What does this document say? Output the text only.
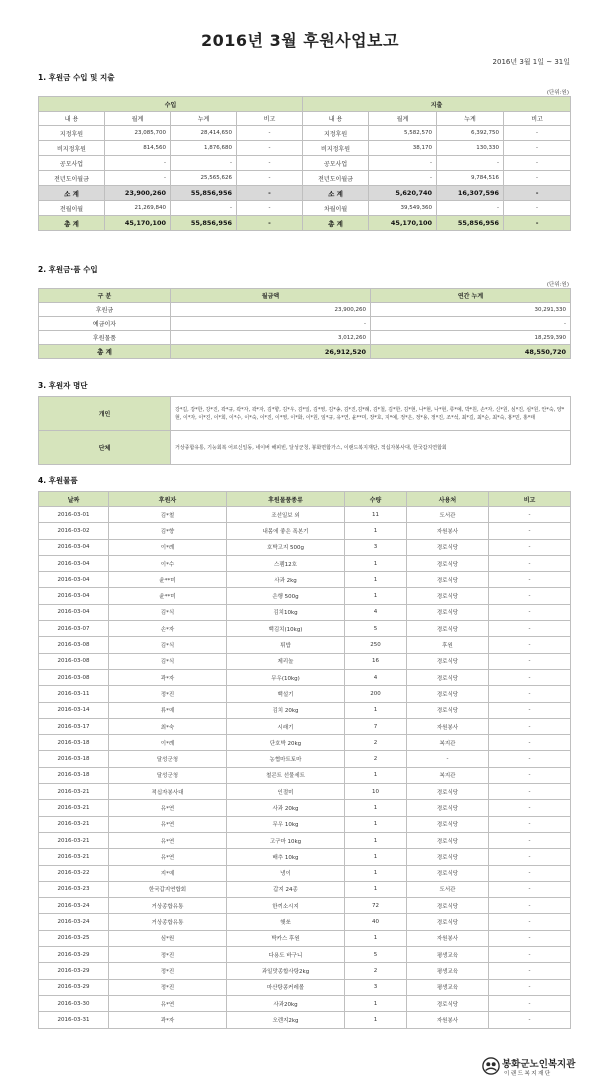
2016년 3월 후원사업보고
2016년 3월 1일 ~ 31일
1. 후원금 수입 및 지출
(단위:원)
수입				지출			
내 용	월계	누계	비고	내 용	월계	누계	비고
지정후원	23,085,700	28,414,650	-	지정후원	5,582,570	6,392,750	-
비지정후원	814,560	1,876,680	-	비지정후원	38,170	130,330	-
공모사업	-	-	-	공모사업	-	-	-
전년도이월금	-	25,565,626	-	전년도이월금	-	9,784,516	-
소 계	23,900,260	55,856,956	-	소 계	5,620,740	16,307,596	-
전월이월	21,269,840	-	-	차월이월	39,549,360	-	-
총 계	45,170,100	55,856,956	-	총 계	45,170,100	55,856,956	-
2. 후원금·품 수입
(단위:원)
구 분	월금액	연간 누계
후원금	23,900,260	30,291,330
예금이자	-	-
후원물품	3,012,260	18,259,390
총 계	26,912,520	48,550,720
3. 후원자 명단
개인	강*길, 강*한, 강*진, 곽*규, 곽*자, 곽*자, 김*향, 김*우, 김*일, 김*영, 김*송, 김*진,김*례, 김*철, 김*한, 김*현, 나*현, 나*현, 류*예, 박*원, 손*자, 신*원, 심*진, 심*원, 안*숙, 양*현, 이*자, 이*진, 이*희, 이*수, 이*숙, 이*진, 이*영, 이*화, 이*원, 임*규, 유*연, 윤**미, 장*호, 지*예, 정*은, 정*용, 정*진, 조*석, 최*길, 최*순, 최*숙, 홍*민, 홍*태
단체	거상종합유통, 기능회복 어르신일동, 네이버 해피빈, 달성군청, 봉화면합가스, 이랜드복지재단, 적십자봉사대, 한국갑지연합회
4. 후원물품
날짜	후원자	후원물품종류	수량	사용처	비고
2016-03-01	김*철	조선일보 외	11	도서관	-
2016-03-02	김*향	내몸에 좋은 폭본기	1	자원봉사	-
2016-03-04	이*례	호박고지 500g	3	경로식당	-
2016-03-04	이*수	스펨12호	1	경로식당	-
2016-03-04	윤**미	사과 2kg	1	경로식당	-
2016-03-04	윤**미	은행 500g	1	경로식당	-
2016-03-04	김*식	김치10kg	4	경로식당	-
2016-03-07	손*자	백김치(10kg)	5	경로식당	-
2016-03-08	김*식	튀밥	250	후원	-
2016-03-08	김*식	제리놀	16	경로식당	-
2016-03-08	곽*자	무우(10kg)	4	경로식당	-
2016-03-11	정*진	백설기	200	경로식당	-
2016-03-14	류*예	김치 20kg	1	경로식당	-
2016-03-17	최*숙	시래기	7	자원봉사	-
2016-03-18	이*례	단호박 20kg	2	복지관	-
2016-03-18	달성군청	농협마트토마	2	-	-
2016-03-18	달성군청	철콘트 선물세트	1	복지관	-
2016-03-21	적십자봉사대	인절미	10	경로식당	-
2016-03-21	유*연	사과 20kg	1	경로식당	-
2016-03-21	유*연	무우 10kg	1	경로식당	-
2016-03-21	유*연	고구마 10kg	1	경로식당	-
2016-03-21	유*연	배추 10kg	1	경로식당	-
2016-03-22	지*예	냉이	1	경로식당	-
2016-03-23	한국갑지연합회	갑지 24종	1	도서관	-
2016-03-24	거상종합유통	한끼소시지	72	경로식당	-
2016-03-24	거상종합유통	햇쏘	40	경로식당	-
2016-03-25	심*원	박카스 후원	1	자원봉사	-
2016-03-29	정*진	다용도 바구니	5	평생교육	-
2016-03-29	정*진	과일맛종합사탕2kg	2	평생교육	-
2016-03-29	정*진	마산탕콩커레볼	3	평생교육	-
2016-03-30	유*연	사과20kg	1	경로식당	-
2016-03-31	곽*자	오렌지2kg	1	자원봉사	-
봉화군노인복지관
이랜드복지재단
